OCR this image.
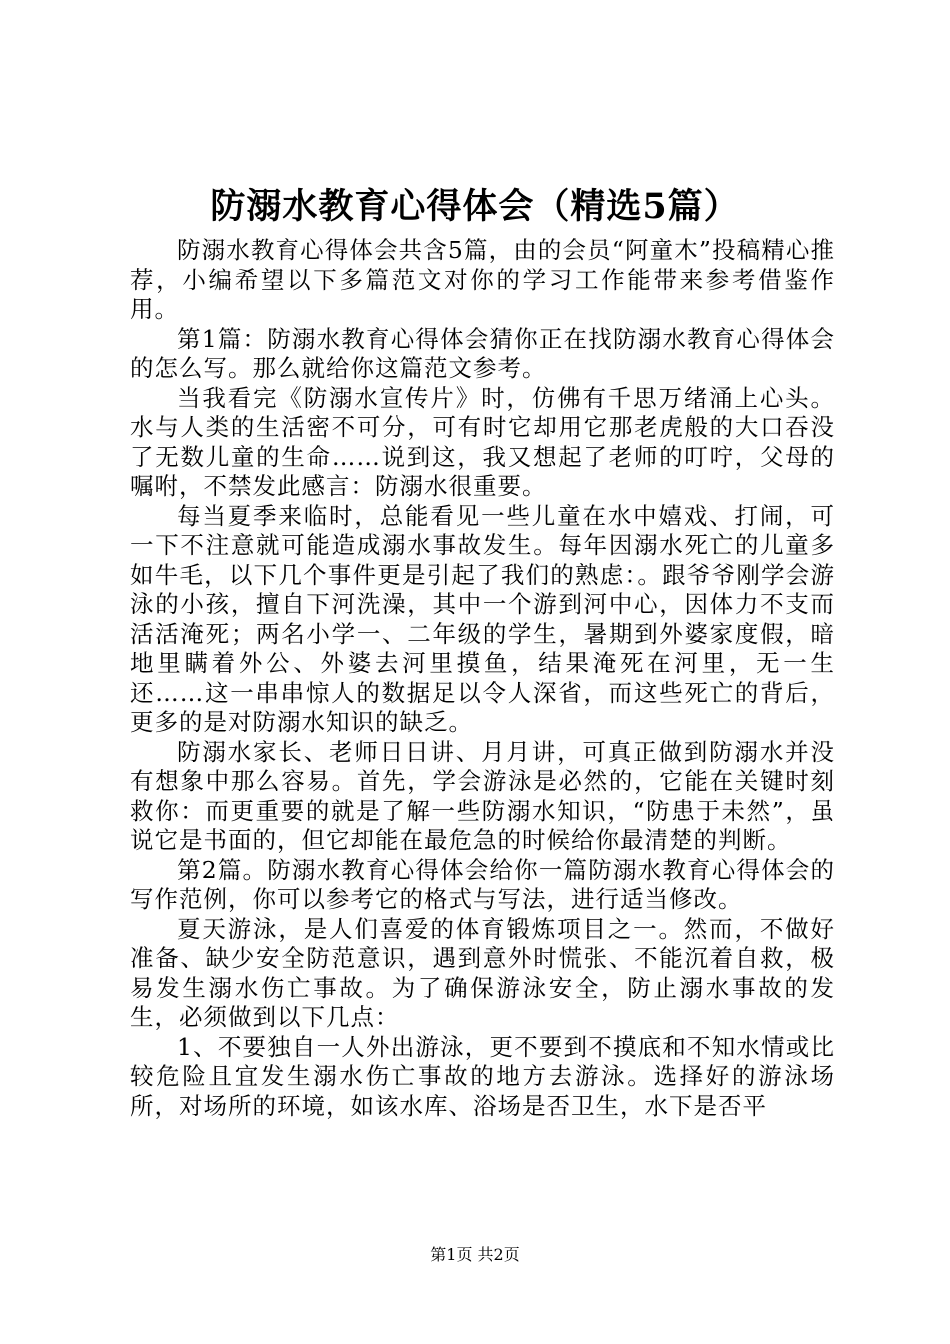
防溺水教育心得体会（精选5篇）

防溺水教育心得体会共含5篇，由的会员“阿童木”投稿精心推荐，小编希望以下多篇范文对你的学习工作能带来参考借鉴作用。

第1篇：防溺水教育心得体会猜你正在找防溺水教育心得体会的怎么写。那么就给你这篇范文参考。

当我看完《防溺水宣传片》时，仿佛有千思万绪涌上心头。水与人类的生活密不可分，可有时它却用它那老虎般的大口吞没了无数儿童的生命……说到这，我又想起了老师的叮咛，父母的嘱咐，不禁发此感言：防溺水很重要。

每当夏季来临时，总能看见一些儿童在水中嬉戏、打闹，可一下不注意就可能造成溺水事故发生。每年因溺水死亡的儿童多如牛毛，以下几个事件更是引起了我们的熟虑：。跟爷爷刚学会游泳的小孩，擅自下河洗澡，其中一个游到河中心，因体力不支而活活淹死；两名小学一、二年级的学生，暑期到外婆家度假，暗地里瞒着外公、外婆去河里摸鱼，结果淹死在河里，无一生还……这一串串惊人的数据足以令人深省，而这些死亡的背后，更多的是对防溺水知识的缺乏。

防溺水家长、老师日日讲、月月讲，可真正做到防溺水并没有想象中那么容易。首先，学会游泳是必然的，它能在关键时刻救你：而更重要的就是了解一些防溺水知识，“防患于未然”，虽说它是书面的，但它却能在最危急的时候给你最清楚的判断。

第2篇。防溺水教育心得体会给你一篇防溺水教育心得体会的写作范例，你可以参考它的格式与写法，进行适当修改。

夏天游泳，是人们喜爱的体育锻炼项目之一。然而，不做好准备、缺少安全防范意识，遇到意外时慌张、不能沉着自救，极易发生溺水伤亡事故。为了确保游泳安全，防止溺水事故的发生，必须做到以下几点：

1、不要独自一人外出游泳，更不要到不摸底和不知水情或比较危险且宜发生溺水伤亡事故的地方去游泳。选择好的游泳场所，对场所的环境，如该水库、浴场是否卫生，水下是否平

第1页 共2页
